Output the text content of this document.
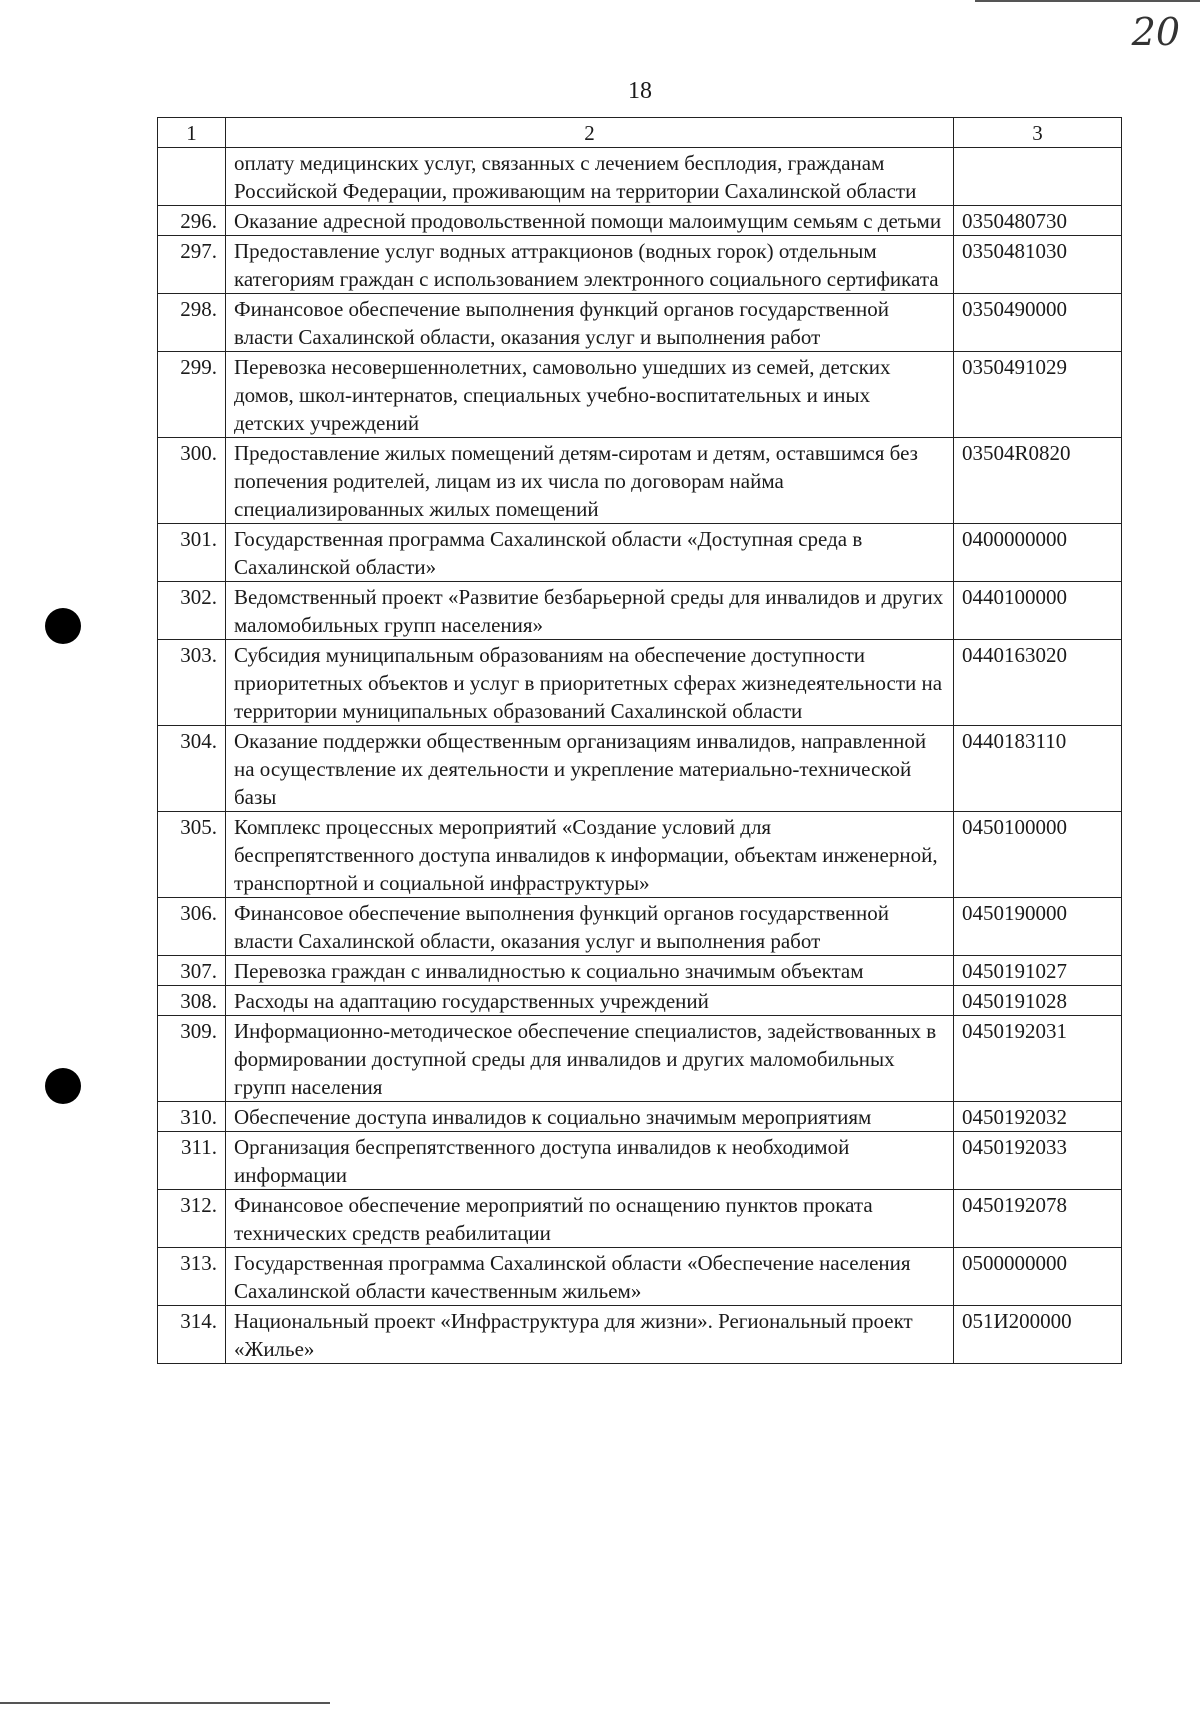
20
18
1	2	3
	оплату медицинских услуг, связанных с лечением бесплодия, гражданам Российской Федерации, проживающим на территории Сахалинской области	
296.	Оказание адресной продовольственной помощи малоимущим семьям с детьми	0350480730
297.	Предоставление услуг водных аттракционов (водных горок) отдельным категориям граждан с использованием электронного социального сертификата	0350481030
298.	Финансовое обеспечение выполнения функций органов государственной власти Сахалинской области, оказания услуг и выполнения работ	0350490000
299.	Перевозка несовершеннолетних, самовольно ушедших из семей, детских домов, школ-интернатов, специальных учебно-воспитательных и иных детских учреждений	0350491029
300.	Предоставление жилых помещений детям-сиротам и детям, оставшимся без попечения родителей, лицам из их числа по договорам найма специализированных жилых помещений	03504R0820
301.	Государственная программа Сахалинской области «Доступная среда в Сахалинской области»	0400000000
302.	Ведомственный проект «Развитие безбарьерной среды для инвалидов и других маломобильных групп населения»	0440100000
303.	Субсидия муниципальным образованиям на обеспечение доступности приоритетных объектов и услуг в приоритетных сферах жизнедеятельности на территории муниципальных образований Сахалинской области	0440163020
304.	Оказание поддержки общественным организациям инвалидов, направленной на осуществление их деятельности и укрепление материально-технической базы	0440183110
305.	Комплекс процессных мероприятий «Создание условий для беспрепятственного доступа инвалидов к информации, объектам инженерной, транспортной и социальной инфраструктуры»	0450100000
306.	Финансовое обеспечение выполнения функций органов государственной власти Сахалинской области, оказания услуг и выполнения работ	0450190000
307.	Перевозка граждан с инвалидностью к социально значимым объектам	0450191027
308.	Расходы на адаптацию государственных учреждений	0450191028
309.	Информационно-методическое обеспечение специалистов, задействованных в формировании доступной среды для инвалидов и других маломобильных групп населения	0450192031
310.	Обеспечение доступа инвалидов к социально значимым мероприятиям	0450192032
311.	Организация беспрепятственного доступа инвалидов к необходимой информации	0450192033
312.	Финансовое обеспечение мероприятий по оснащению пунктов проката технических средств реабилитации	0450192078
313.	Государственная программа Сахалинской области «Обеспечение населения Сахалинской области качественным жильем»	0500000000
314.	Национальный проект «Инфраструктура для жизни». Региональный проект «Жилье»	051И200000
